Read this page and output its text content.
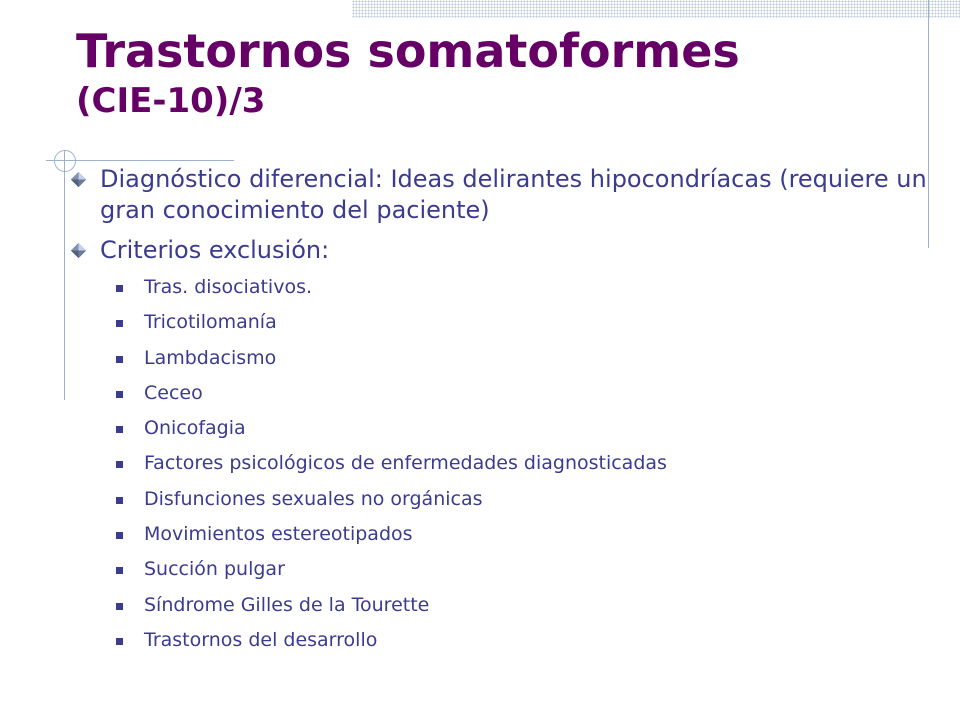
Trastornos somatoformes
(CIE-10)/3
Diagnóstico diferencial: Ideas delirantes hipocondríacas (requiere un gran conocimiento del paciente)
Criterios exclusión:
Tras. disociativos.
Tricotilomanía
Lambdacismo
Ceceo
Onicofagia
Factores psicológicos de enfermedades diagnosticadas
Disfunciones sexuales no orgánicas
Movimientos estereotipados
Succión pulgar
Síndrome Gilles de la Tourette
Trastornos del desarrollo
